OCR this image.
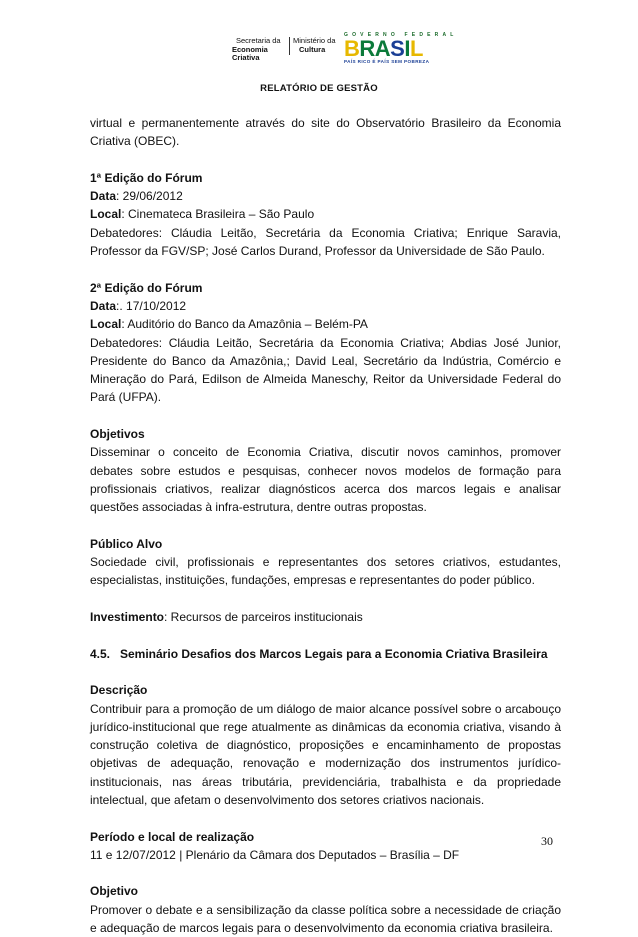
Secretaria da
Economia Criativa
Ministério da
Cultura
GOVERNO FEDERAL
BRASIL
PAÍS RICO É PAÍS SEM POBREZA
RELATÓRIO DE GESTÃO

virtual e permanentemente através do site do Observatório Brasileiro da Economia Criativa (OBEC).

1ª Edição do Fórum

Data: 29/06/2012

Local: Cinemateca Brasileira – São Paulo

Debatedores: Cláudia Leitão, Secretária da Economia Criativa; Enrique Saravia, Professor da FGV/SP; José Carlos Durand, Professor da Universidade de São Paulo.

2ª Edição do Fórum

Data:. 17/10/2012

Local: Auditório do Banco da Amazônia – Belém-PA

Debatedores: Cláudia Leitão, Secretária da Economia Criativa; Abdias José Junior, Presidente do Banco da Amazônia,; David Leal, Secretário da Indústria, Comércio e Mineração do Pará, Edilson de Almeida Maneschy, Reitor da Universidade Federal do Pará (UFPA).

Objetivos

Disseminar o conceito de Economia Criativa, discutir novos caminhos, promover debates sobre estudos e pesquisas, conhecer novos modelos de formação para profissionais criativos, realizar diagnósticos acerca dos marcos legais e analisar questões associadas à infra-estrutura, dentre outras propostas.

Público Alvo

Sociedade civil, profissionais e representantes dos setores criativos, estudantes, especialistas, instituições, fundações, empresas e representantes do poder público.

Investimento: Recursos de parceiros institucionais

4.5. Seminário Desafios dos Marcos Legais para a Economia Criativa Brasileira

Descrição

Contribuir para a promoção de um diálogo de maior alcance possível sobre o arcabouço jurídico-institucional que rege atualmente as dinâmicas da economia criativa, visando à construção coletiva de diagnóstico, proposições e encaminhamento de propostas objetivas de adequação, renovação e modernização dos instrumentos jurídico-institucionais, nas áreas tributária, previdenciária, trabalhista e da propriedade intelectual, que afetam o desenvolvimento dos setores criativos nacionais.

Período e local de realização

11 e 12/07/2012 | Plenário da Câmara dos Deputados – Brasília – DF

Objetivo

Promover o debate e a sensibilização da classe política sobre a necessidade de criação e adequação de marcos legais para o desenvolvimento da economia criativa brasileira.

30
